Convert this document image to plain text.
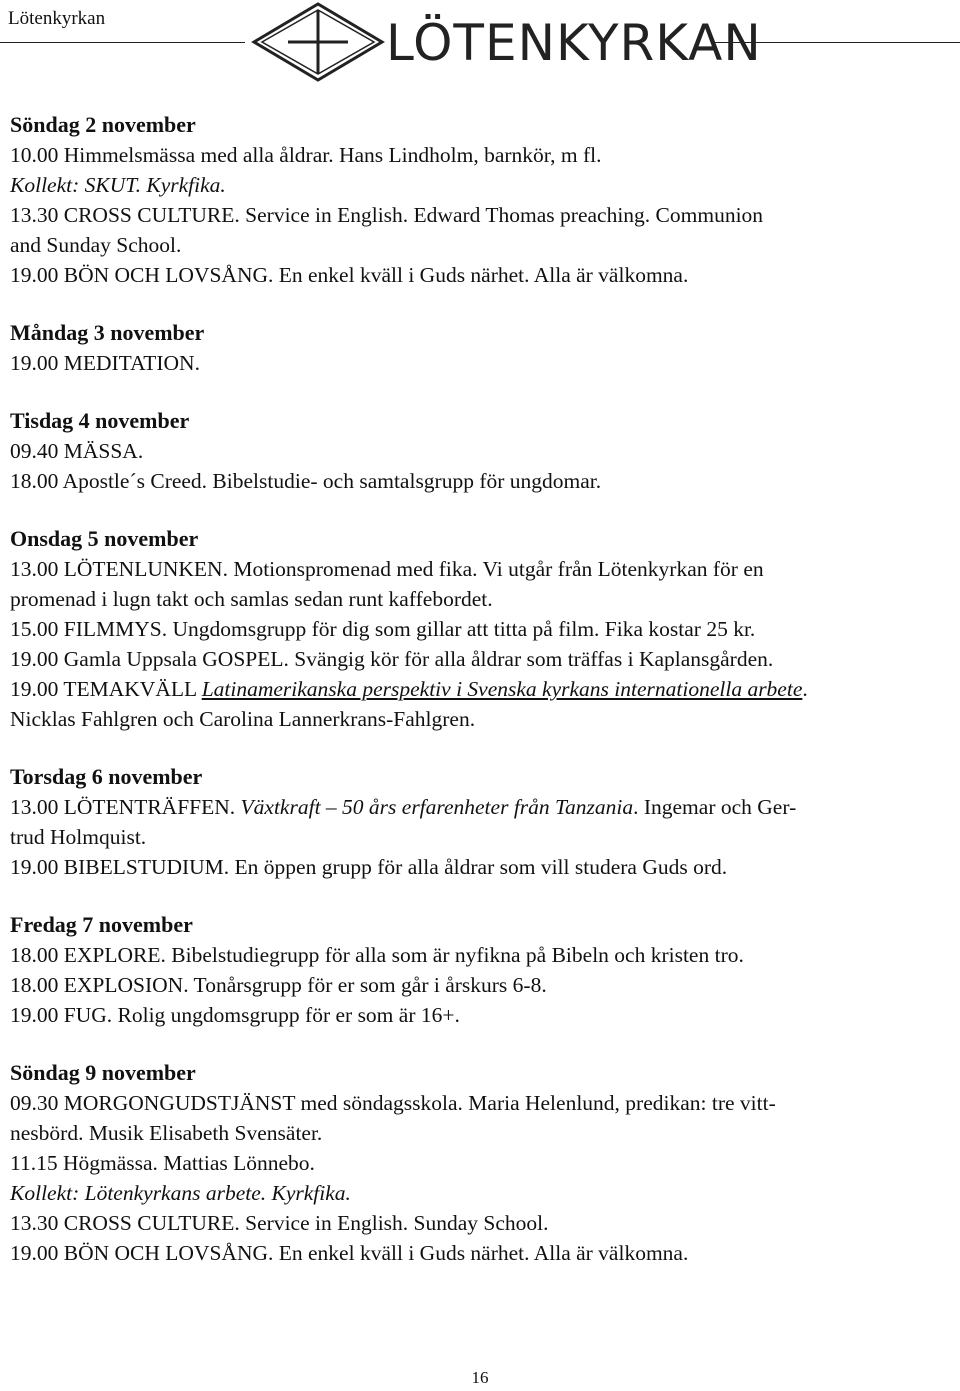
Lötenkyrkan	LÖTENKYRKAN
Söndag 2 november
10.00 Himmelsmässa med alla åldrar. Hans Lindholm, barnkör, m fl.
Kollekt: SKUT. Kyrkfika.
13.30 CROSS CULTURE. Service in English. Edward Thomas preaching. Communion
and Sunday School.
19.00 BÖN OCH LOVSÅNG. En enkel kväll i Guds närhet. Alla är välkomna.
Måndag 3 november
19.00 MEDITATION.
Tisdag 4 november
09.40 MÄSSA.
18.00 Apostle´s Creed. Bibelstudie- och samtalsgrupp för ungdomar.
Onsdag 5 november
13.00 LÖTENLUNKEN. Motionspromenad med fika. Vi utgår från Lötenkyrkan för en
promenad i lugn takt och samlas sedan runt kaffebordet.
15.00 FILMMYS. Ungdomsgrupp för dig som gillar att titta på film. Fika kostar 25 kr.
19.00 Gamla Uppsala GOSPEL. Svängig kör för alla åldrar som träffas i Kaplansgården.
19.00 TEMAKVÄLL Latinamerikanska perspektiv i Svenska kyrkans internationella arbete.
Nicklas Fahlgren och Carolina Lannerkrans-Fahlgren.
Torsdag 6 november
13.00 LÖTENTRÄFFEN. Växtkraft – 50 års erfarenheter från Tanzania. Ingemar och Ger-
trud Holmquist.
19.00 BIBELSTUDIUM. En öppen grupp för alla åldrar som vill studera Guds ord.
Fredag 7 november
18.00 EXPLORE. Bibelstudiegrupp för alla som är nyfikna på Bibeln och kristen tro.
18.00 EXPLOSION. Tonårsgrupp för er som går i årskurs 6-8.
19.00 FUG. Rolig ungdomsgrupp för er som är 16+.
Söndag 9 november
09.30 MORGONGUDSTJÄNST med söndagsskola. Maria Helenlund, predikan: tre vitt-
nesbörd. Musik Elisabeth Svensäter.
11.15 Högmässa. Mattias Lönnebo.
Kollekt: Lötenkyrkans arbete. Kyrkfika.
13.30 CROSS CULTURE. Service in English. Sunday School.
19.00 BÖN OCH LOVSÅNG. En enkel kväll i Guds närhet. Alla är välkomna.
16
